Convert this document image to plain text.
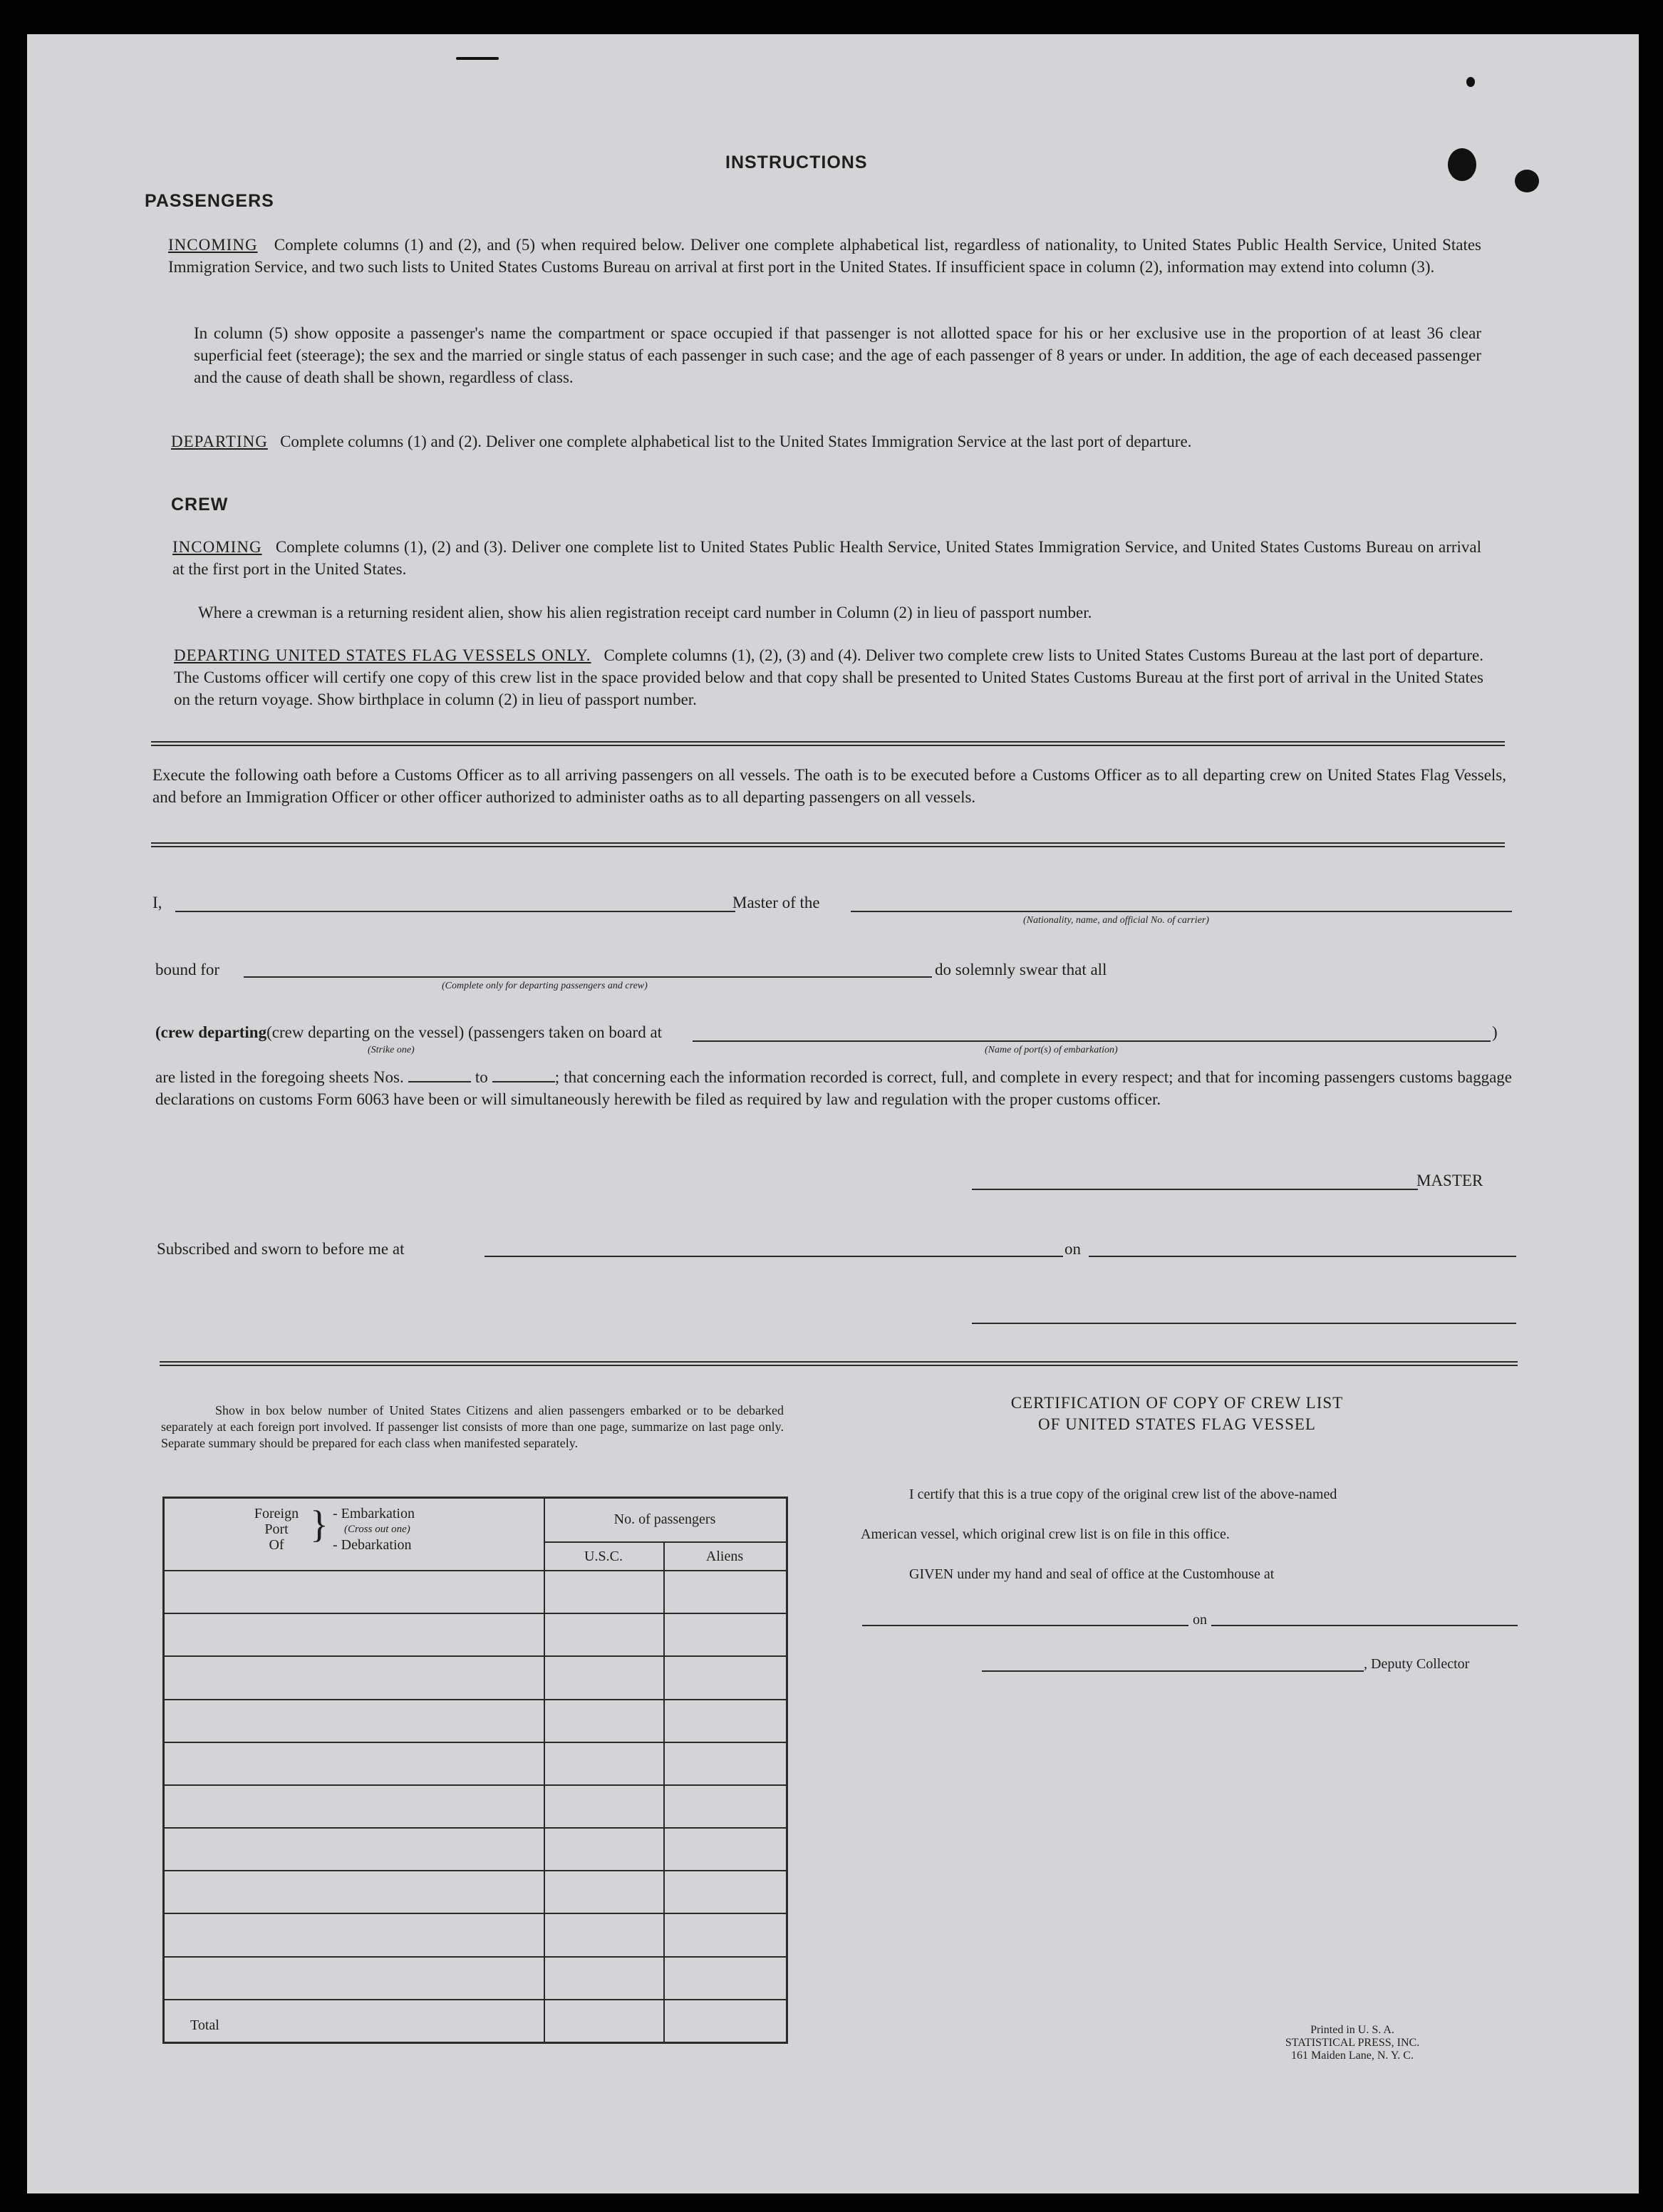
INSTRUCTIONS
PASSENGERS
INCOMING Complete columns (1) and (2), and (5) when required below. Deliver one complete alphabetical list, regardless of nationality, to United States Public Health Service, United States Immigration Service, and two such lists to United States Customs Bureau on arrival at first port in the United States. If insufficient space in column (2), information may extend into column (3).
In column (5) show opposite a passenger's name the compartment or space occupied if that passenger is not allotted space for his or her exclusive use in the proportion of at least 36 clear superficial feet (steerage); the sex and the married or single status of each passenger in such case; and the age of each passenger of 8 years or under. In addition, the age of each deceased passenger and the cause of death shall be shown, regardless of class.
DEPARTING Complete columns (1) and (2). Deliver one complete alphabetical list to the United States Immigration Service at the last port of departure.
CREW
INCOMING Complete columns (1), (2) and (3). Deliver one complete list to United States Public Health Service, United States Immigration Service, and United States Customs Bureau on arrival at the first port in the United States.
Where a crewman is a returning resident alien, show his alien registration receipt card number in Column (2) in lieu of passport number.
DEPARTING UNITED STATES FLAG VESSELS ONLY. Complete columns (1), (2), (3) and (4). Deliver two complete crew lists to United States Customs Bureau at the last port of departure. The Customs officer will certify one copy of this crew list in the space provided below and that copy shall be presented to United States Customs Bureau at the first port of arrival in the United States on the return voyage. Show birthplace in column (2) in lieu of passport number.
Execute the following oath before a Customs Officer as to all arriving passengers on all vessels. The oath is to be executed before a Customs Officer as to all departing crew on United States Flag Vessels, and before an Immigration Officer or other officer authorized to administer oaths as to all departing passengers on all vessels.
I,	Master of the
(Nationality, name, and official No. of carrier)
bound for
(Complete only for departing passengers and crew)
do solemnly swear that all
(crew departing(crew departing on the vessel) (passengers taken on board at	)
(Strike one)	(Name of port(s) of embarkation)
are listed in the foregoing sheets Nos.	to	; that concerning each the information recorded is correct, full, and complete in every respect; and that for incoming passengers customs baggage declarations on customs Form 6063 have been or will simultaneously herewith be filed as required by law and regulation with the proper customs officer.
MASTER
Subscribed and sworn to before me at	on
Show in box below number of United States Citizens and alien passengers embarked or to be debarked separately at each foreign port involved. If passenger list consists of more than one page, summarize on last page only. Separate summary should be prepared for each class when manifested separately.
Foreign
Port
Of } - Embarkation
(Cross out one)
- Debarkation
No. of passengers
U.S.C.	Aliens
Total
CERTIFICATION OF COPY OF CREW LIST
OF UNITED STATES FLAG VESSEL
I certify that this is a true copy of the original crew list of the above-named
American vessel, which original crew list is on file in this office.
GIVEN under my hand and seal of office at the Customhouse at
on
, Deputy Collector
Printed in U. S. A.
STATISTICAL PRESS, INC.
161 Maiden Lane, N. Y. C.
